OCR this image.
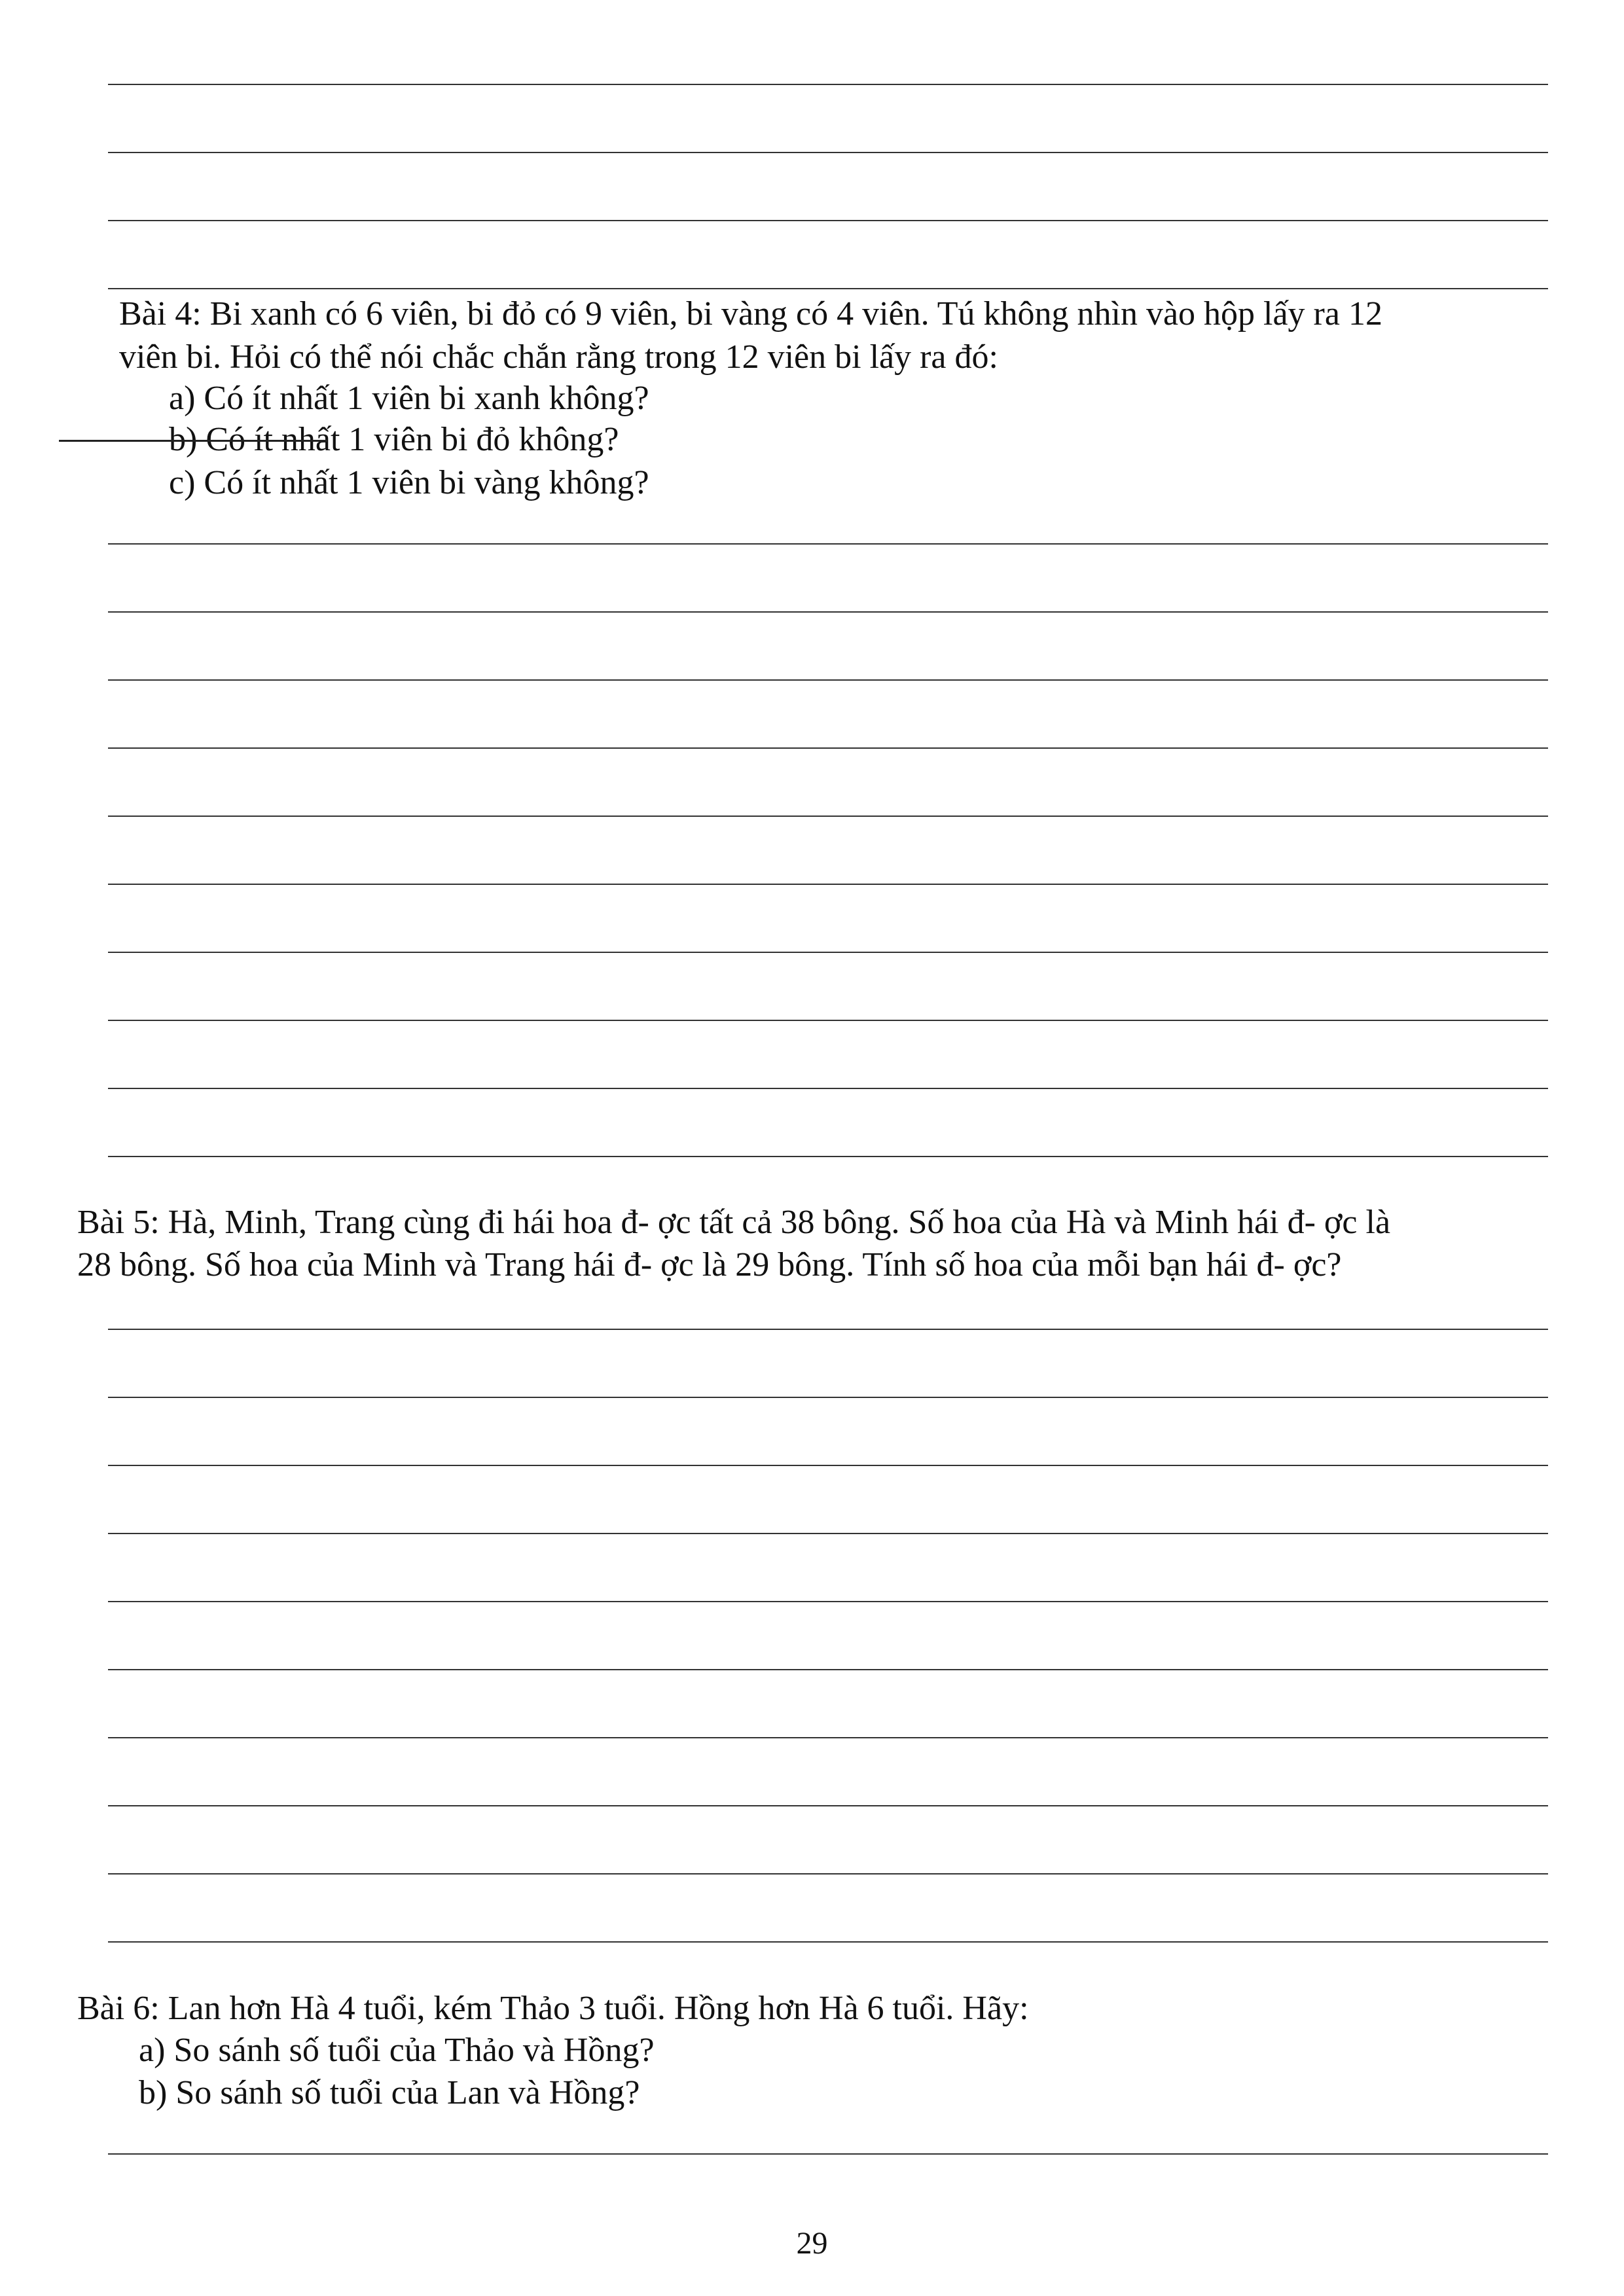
Bài 4: Bi xanh có 6 viên, bi đỏ có 9 viên, bi vàng có 4 viên. Tú không nhìn vào hộp lấy ra 12
viên bi. Hỏi có thể nói chắc chắn rằng trong 12 viên bi lấy ra đó:
a) Có ít nhất 1 viên bi xanh không?
b) Có ít nhất 1 viên bi đỏ không?
c) Có ít nhất 1 viên bi vàng không?
Bài 5: Hà, Minh, Trang cùng đi hái hoa đ- ợc tất cả 38 bông. Số hoa của Hà và Minh hái đ- ợc là
28 bông. Số hoa của Minh và Trang hái đ- ợc là 29 bông. Tính số hoa của mỗi bạn hái đ- ợc?
Bài 6: Lan hơn Hà 4 tuổi, kém Thảo 3 tuổi. Hồng hơn Hà 6 tuổi. Hãy:
a) So sánh số tuổi của Thảo và Hồng?
b) So sánh số tuổi của Lan và Hồng?
29
